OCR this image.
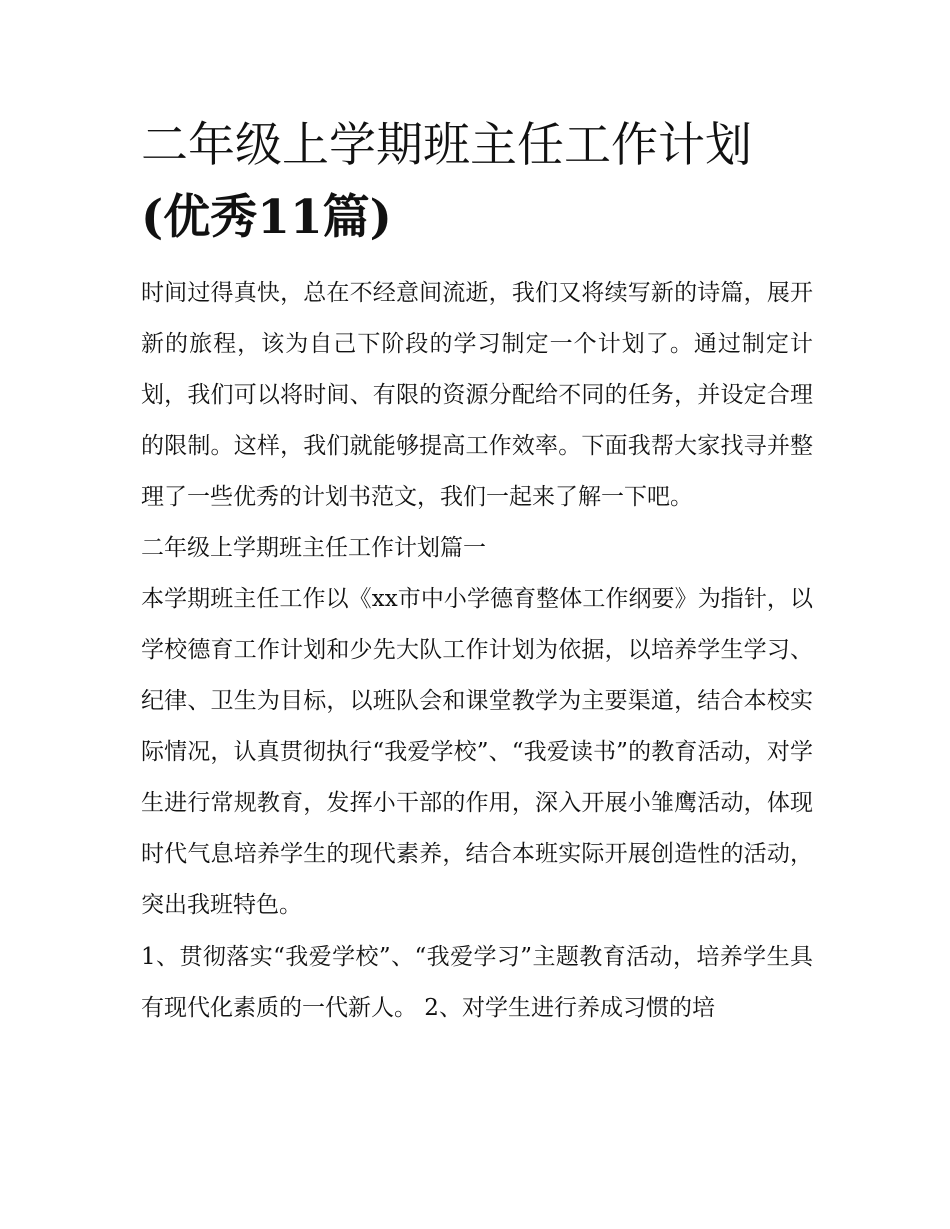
二年级上学期班主任工作计划
(优秀11篇)

时间过得真快，总在不经意间流逝，我们又将续写新的诗篇，展开新的旅程，该为自己下阶段的学习制定一个计划了。通过制定计划，我们可以将时间、有限的资源分配给不同的任务，并设定合理的限制。这样，我们就能够提高工作效率。下面我帮大家找寻并整理了一些优秀的计划书范文，我们一起来了解一下吧。

二年级上学期班主任工作计划篇一

本学期班主任工作以《xx市中小学德育整体工作纲要》为指针，以学校德育工作计划和少先大队工作计划为依据，以培养学生学习、纪律、卫生为目标，以班队会和课堂教学为主要渠道，结合本校实际情况，认真贯彻执行“我爱学校”、“我爱读书”的教育活动，对学生进行常规教育，发挥小干部的作用，深入开展小雏鹰活动，体现时代气息培养学生的现代素养，结合本班实际开展创造性的活动，突出我班特色。

1、贯彻落实“我爱学校”、“我爱学习”主题教育活动，培养学生具有现代化素质的一代新人。 2、对学生进行养成习惯的培
